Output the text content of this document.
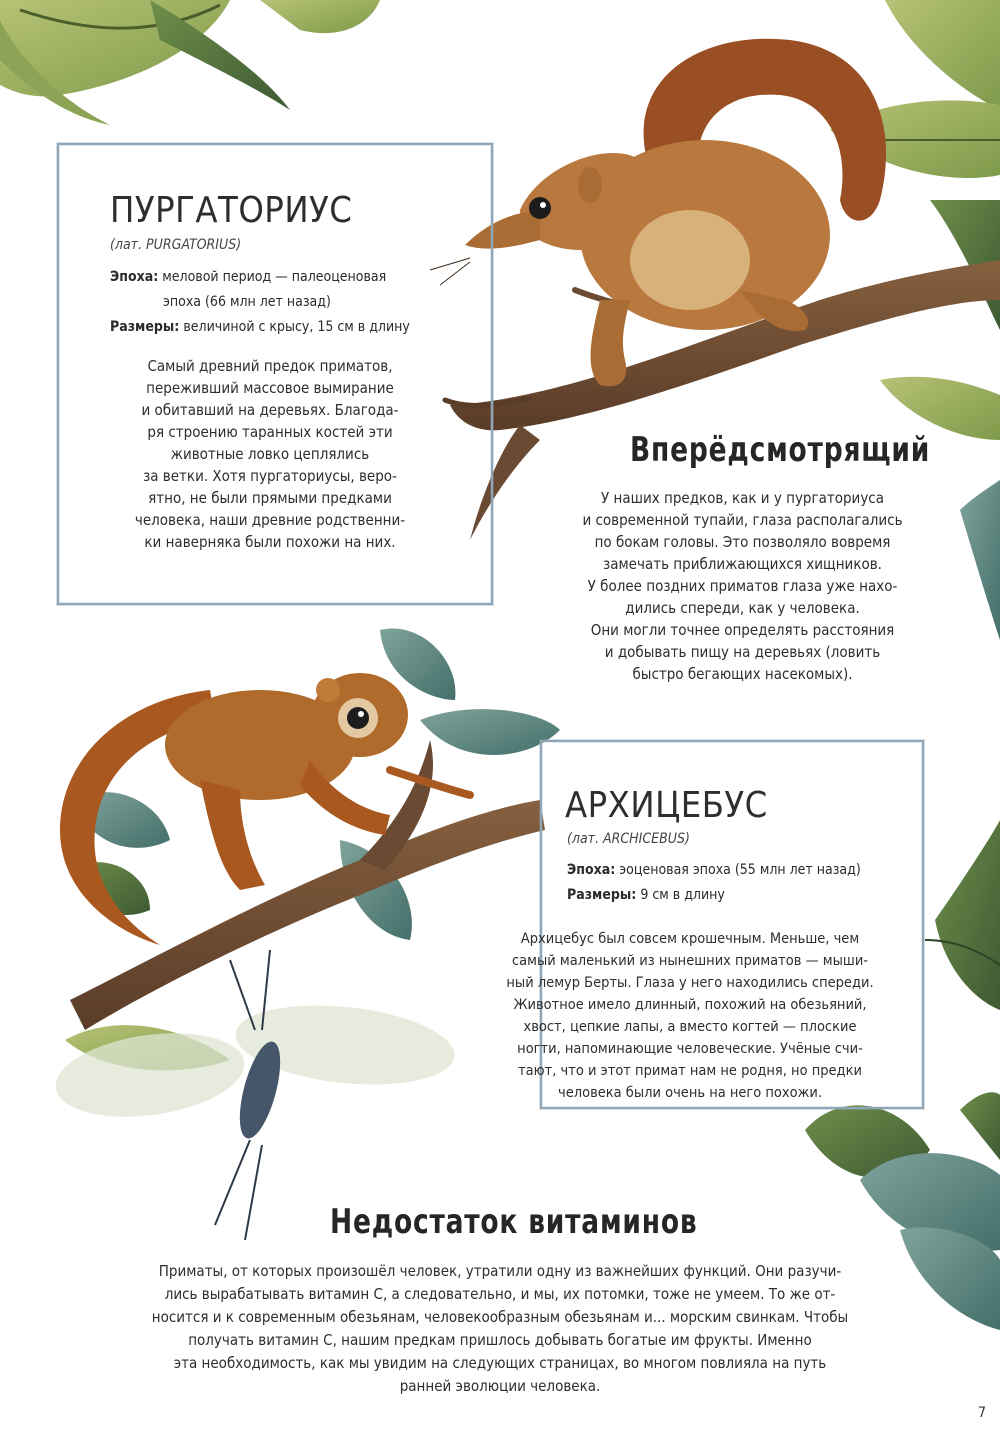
ПУРГАТОРИУС
(лат. PURGATORIUS)
Эпоха: меловой период — палеоценовая
эпоха (66 млн лет назад)
Размеры: величиной с крысу, 15 см в длину
Самый древний предок приматов,
переживший массовое вымирание
и обитавший на деревьях. Благода-
ря строению таранных костей эти
животные ловко цеплялись
за ветки. Хотя пургаториусы, веро-
ятно, не были прямыми предками
человека, наши древние родственни-
ки наверняка были похожи на них.
Вперёдсмотрящий
У наших предков, как и у пургаториуса
и современной тупайи, глаза располагались
по бокам головы. Это позволяло вовремя
замечать приближающихся хищников.
У более поздних приматов глаза уже нахо-
дились спереди, как у человека.
Они могли точнее определять расстояния
и добывать пищу на деревьях (ловить
быстро бегающих насекомых).
АРХИЦЕБУС
(лат. ARCHICEBUS)
Эпоха: эоценовая эпоха (55 млн лет назад)
Размеры: 9 см в длину
Архицебус был совсем крошечным. Меньше, чем
самый маленький из нынешних приматов — мыши-
ный лемур Берты. Глаза у него находились спереди.
Животное имело длинный, похожий на обезьяний,
хвост, цепкие лапы, а вместо когтей — плоские
ногти, напоминающие человеческие. Учёные счи-
тают, что и этот примат нам не родня, но предки
человека были очень на него похожи.
Недостаток витаминов
Приматы, от которых произошёл человек, утратили одну из важнейших функций. Они разучи-
лись вырабатывать витамин С, а следовательно, и мы, их потомки, тоже не умеем. То же от-
носится и к современным обезьянам, человекообразным обезьянам и... морским свинкам. Чтобы
получать витамин С, нашим предкам пришлось добывать богатые им фрукты. Именно
эта необходимость, как мы увидим на следующих страницах, во многом повлияла на путь
ранней эволюции человека.
7
